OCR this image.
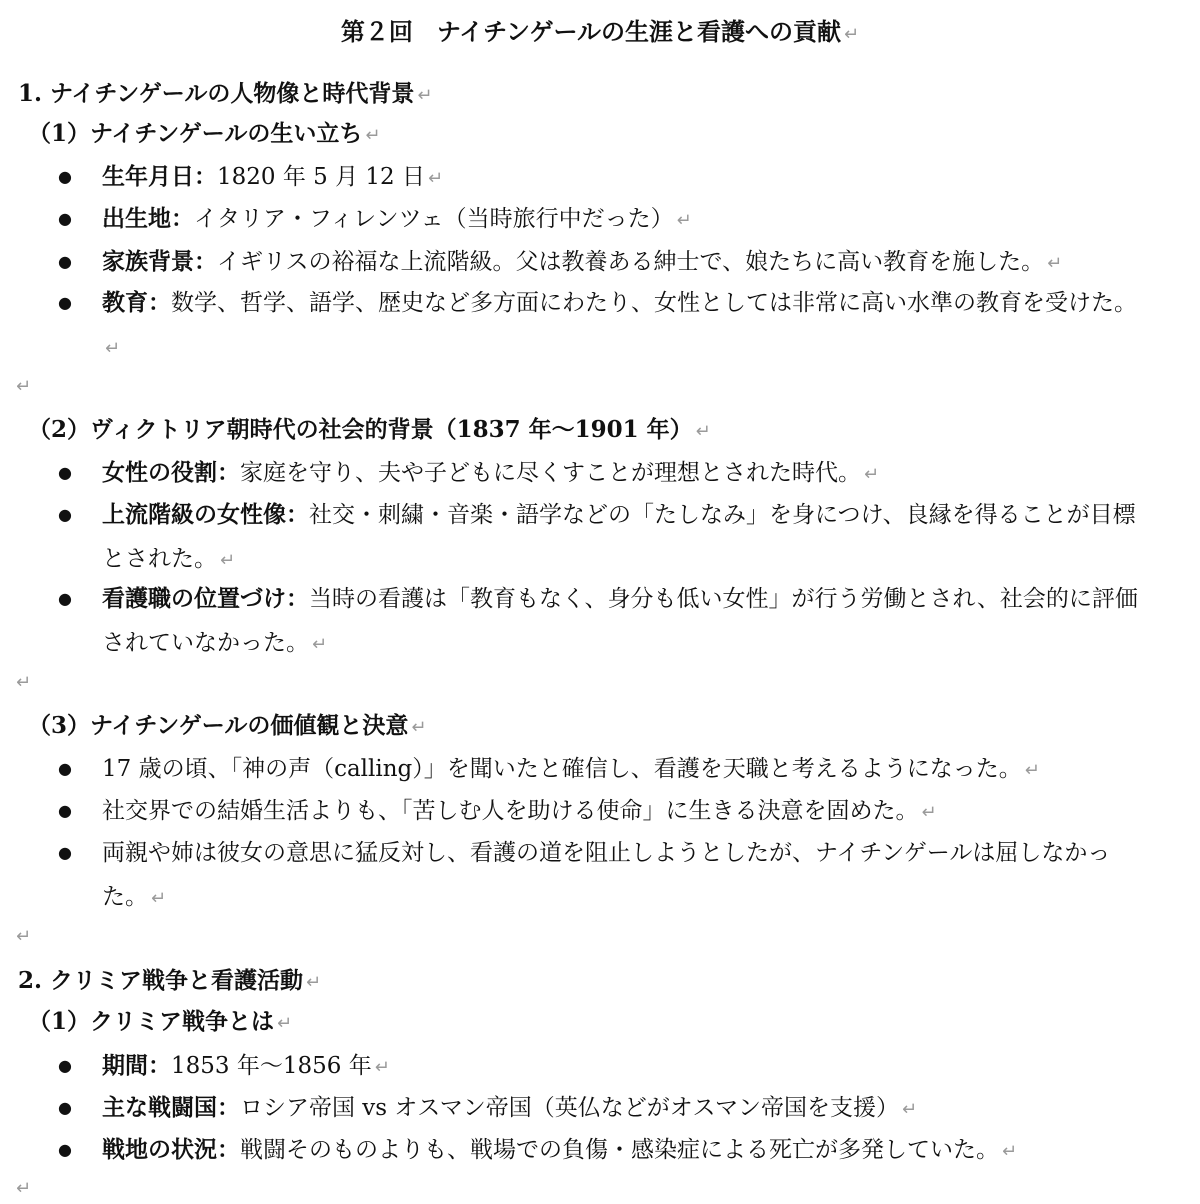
第２回　ナイチンゲールの生涯と看護への貢献 ↵
1. ナイチンゲールの人物像と時代背景 ↵
（1）ナイチンゲールの生い立ち ↵
● 生年月日：1820 年 5 月 12 日 ↵
● 出生地：イタリア・フィレンツェ（当時旅行中だった） ↵
● 家族背景：イギリスの裕福な上流階級。父は教養ある紳士で、娘たちに高い教育を施した。 ↵
● 教育：数学、哲学、語学、歴史など多方面にわたり、女性としては非常に高い水準の教育を受けた。↵
↵
（2）ヴィクトリア朝時代の社会的背景（1837 年～1901 年） ↵
● 女性の役割：家庭を守り、夫や子どもに尽くすことが理想とされた時代。 ↵
● 上流階級の女性像：社交・刺繍・音楽・語学などの「たしなみ」を身につけ、良縁を得ることが目標とされた。 ↵
● 看護職の位置づけ：当時の看護は「教育もなく、身分も低い女性」が行う労働とされ、社会的に評価されていなかった。 ↵
↵
（3）ナイチンゲールの価値観と決意 ↵
● 17 歳の頃、「神の声（calling）」を聞いたと確信し、看護を天職と考えるようになった。 ↵
● 社交界での結婚生活よりも、「苦しむ人を助ける使命」に生きる決意を固めた。 ↵
● 両親や姉は彼女の意思に猛反対し、看護の道を阻止しようとしたが、ナイチンゲールは屈しなかった。 ↵
↵
2. クリミア戦争と看護活動 ↵
（1）クリミア戦争とは ↵
● 期間：1853 年～1856 年 ↵
● 主な戦闘国：ロシア帝国 vs オスマン帝国（英仏などがオスマン帝国を支援） ↵
● 戦地の状況：戦闘そのものよりも、戦場での負傷・感染症による死亡が多発していた。 ↵
↵
